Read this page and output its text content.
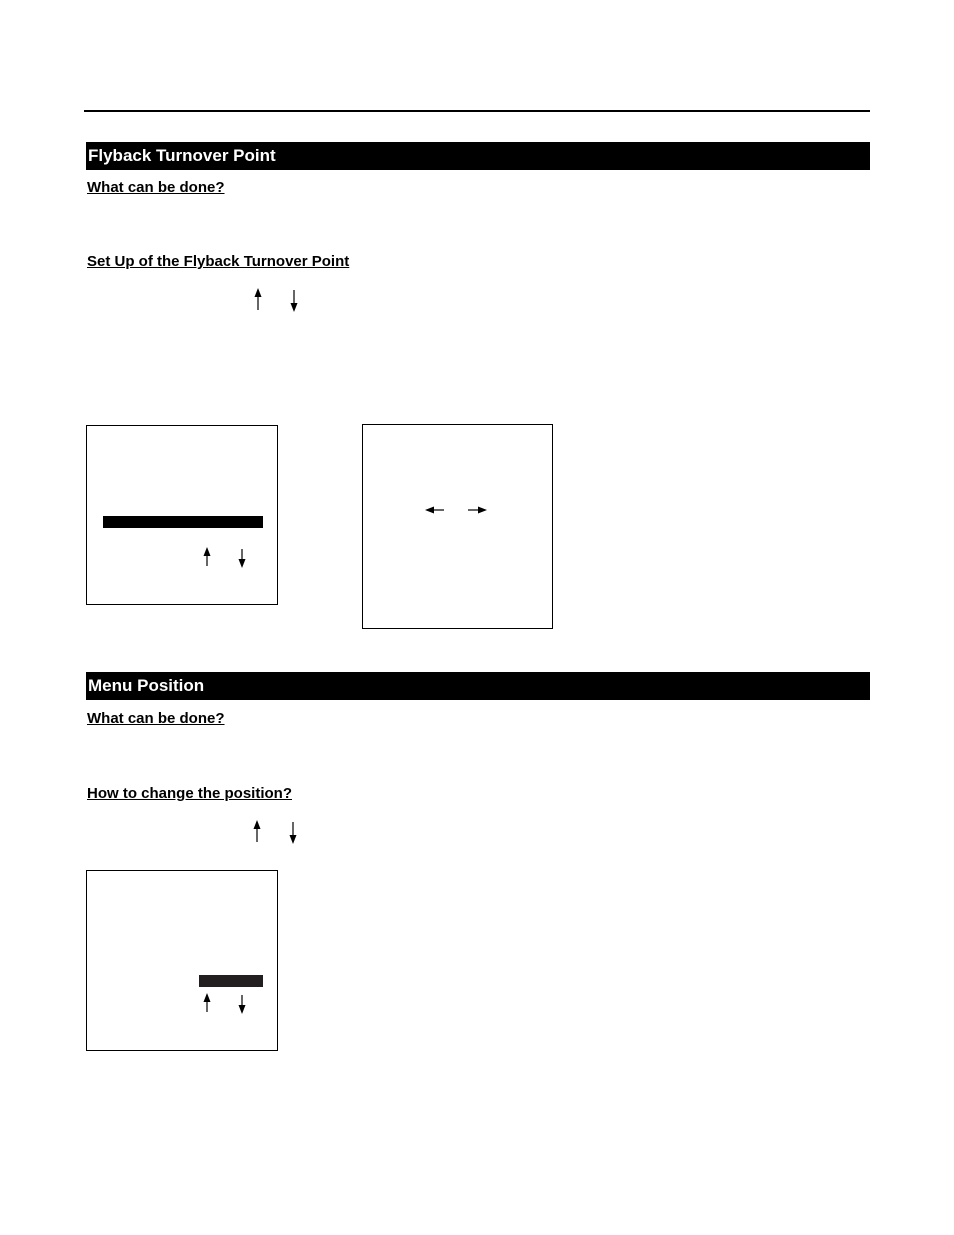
Flyback Turnover Point
What can be done?
Set Up of the Flyback Turnover Point
Menu Position
What can be done?
How to change the position?
